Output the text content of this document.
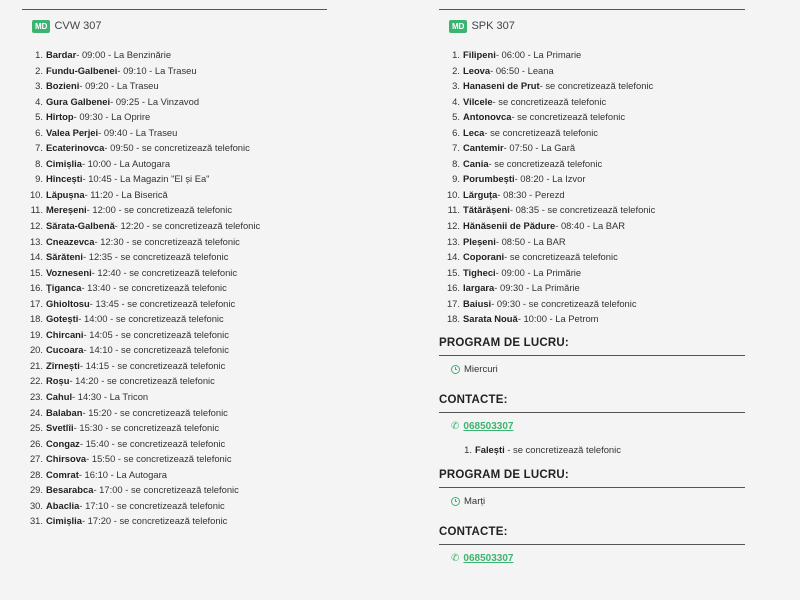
MD CVW 307
1. Bardar - 09:00 - La Benzinărie
2. Fundu-Galbenei - 09:10 - La Traseu
3. Bozieni - 09:20 - La Traseu
4. Gura Galbenei - 09:25 - La Vinzavod
5. Hîrtop - 09:30 - La Oprire
6. Valea Perjei - 09:40 - La Traseu
7. Ecaterinovca - 09:50 - se concretizează telefonic
8. Cimișlia - 10:00 - La Autogara
9. Hîncești - 10:45 - La Magazin "El și Ea"
10. Lăpușna - 11:20 - La Biserică
11. Mereșeni - 12:00 - se concretizează telefonic
12. Sărata-Galbenă - 12:20 - se concretizează telefonic
13. Cneazevca - 12:30 - se concretizează telefonic
14. Sărăteni - 12:35 - se concretizează telefonic
15. Vozneseni - 12:40 - se concretizează telefonic
16. Ţiganca - 13:40 - se concretizează telefonic
17. Ghioltosu - 13:45 - se concretizează telefonic
18. Gotești - 14:00 - se concretizează telefonic
19. Chircani - 14:05 - se concretizează telefonic
20. Cucoara - 14:10 - se concretizează telefonic
21. Zîrnești - 14:15 - se concretizează telefonic
22. Roșu - 14:20 - se concretizează telefonic
23. Cahul - 14:30 - La Tricon
24. Balaban - 15:20 - se concretizează telefonic
25. Svetlîi - 15:30 - se concretizează telefonic
26. Congaz - 15:40 - se concretizează telefonic
27. Chirsova - 15:50 - se concretizează telefonic
28. Comrat - 16:10 - La Autogara
29. Besarabca - 17:00 - se concretizează telefonic
30. Abaclia - 17:10 - se concretizează telefonic
31. Cimișlia - 17:20 - se concretizează telefonic
MD SPK 307
1. Filipeni - 06:00 - La Primarie
2. Leova - 06:50 - Leana
3. Hanaseni de Prut - se concretizează telefonic
4. Vilcele - se concretizează telefonic
5. Antonovca - se concretizează telefonic
6. Leca - se concretizează telefonic
7. Cantemir - 07:50 - La Gară
8. Cania - se concretizează telefonic
9. Porumbești - 08:20 - La Izvor
10. Lărguța - 08:30 - Perezd
11. Tătărășeni - 08:35 - se concretizează telefonic
12. Hănăsenii de Pădure - 08:40 - La BAR
13. Pleșeni - 08:50 - La BAR
14. Coporani - se concretizează telefonic
15. Tigheci - 09:00 - La Primărie
16. Iargara - 09:30 - La Primărie
17. Baiusi - 09:30 - se concretizează telefonic
18. Sarata Nouă - 10:00 - La Petrom
PROGRAM DE LUCRU:
Miercuri
CONTACTE:
✆ 068503307
1. Falești - se concretizează telefonic
PROGRAM DE LUCRU:
Marți
CONTACTE:
✆ 068503307
